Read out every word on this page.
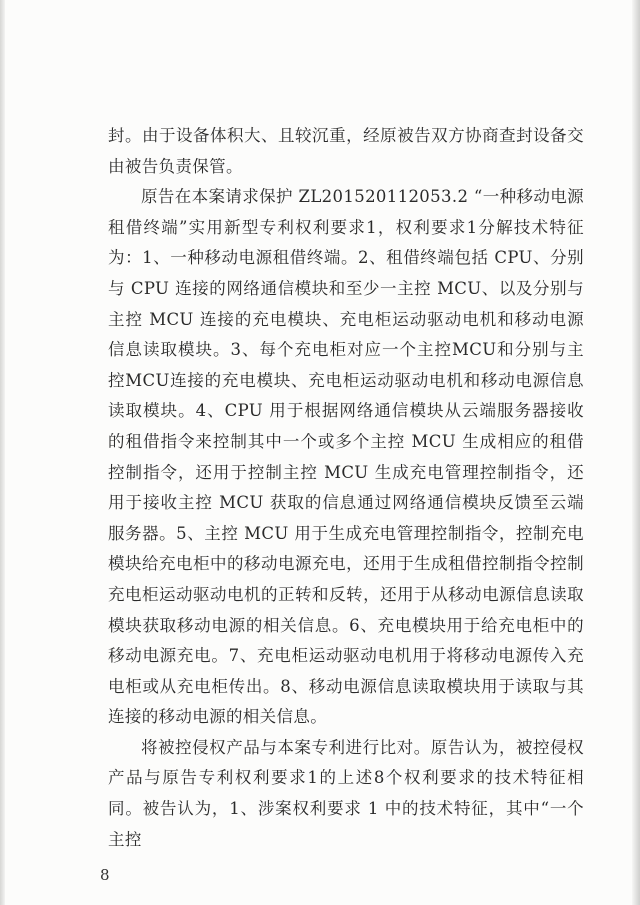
封。由于设备体积大、且较沉重，经原被告双方协商查封设备交由被告负责保管。

原告在本案请求保护 ZL201520112053.2 “一种移动电源租借终端”实用新型专利权利要求1，权利要求1分解技术特征为：1、一种移动电源租借终端。2、租借终端包括 CPU、分别与 CPU 连接的网络通信模块和至少一主控 MCU、以及分别与主控 MCU 连接的充电模块、充电柜运动驱动电机和移动电源信息读取模块。3、每个充电柜对应一个主控MCU和分别与主控MCU连接的充电模块、充电柜运动驱动电机和移动电源信息读取模块。4、CPU 用于根据网络通信模块从云端服务器接收的租借指令来控制其中一个或多个主控 MCU 生成相应的租借控制指令，还用于控制主控 MCU 生成充电管理控制指令，还用于接收主控 MCU 获取的信息通过网络通信模块反馈至云端服务器。5、主控 MCU 用于生成充电管理控制指令，控制充电模块给充电柜中的移动电源充电，还用于生成租借控制指令控制充电柜运动驱动电机的正转和反转，还用于从移动电源信息读取模块获取移动电源的相关信息。6、充电模块用于给充电柜中的移动电源充电。7、充电柜运动驱动电机用于将移动电源传入充电柜或从充电柜传出。8、移动电源信息读取模块用于读取与其连接的移动电源的相关信息。

将被控侵权产品与本案专利进行比对。原告认为，被控侵权产品与原告专利权利要求1的上述8个权利要求的技术特征相同。被告认为，1、涉案权利要求 1 中的技术特征，其中“一个主控

8
